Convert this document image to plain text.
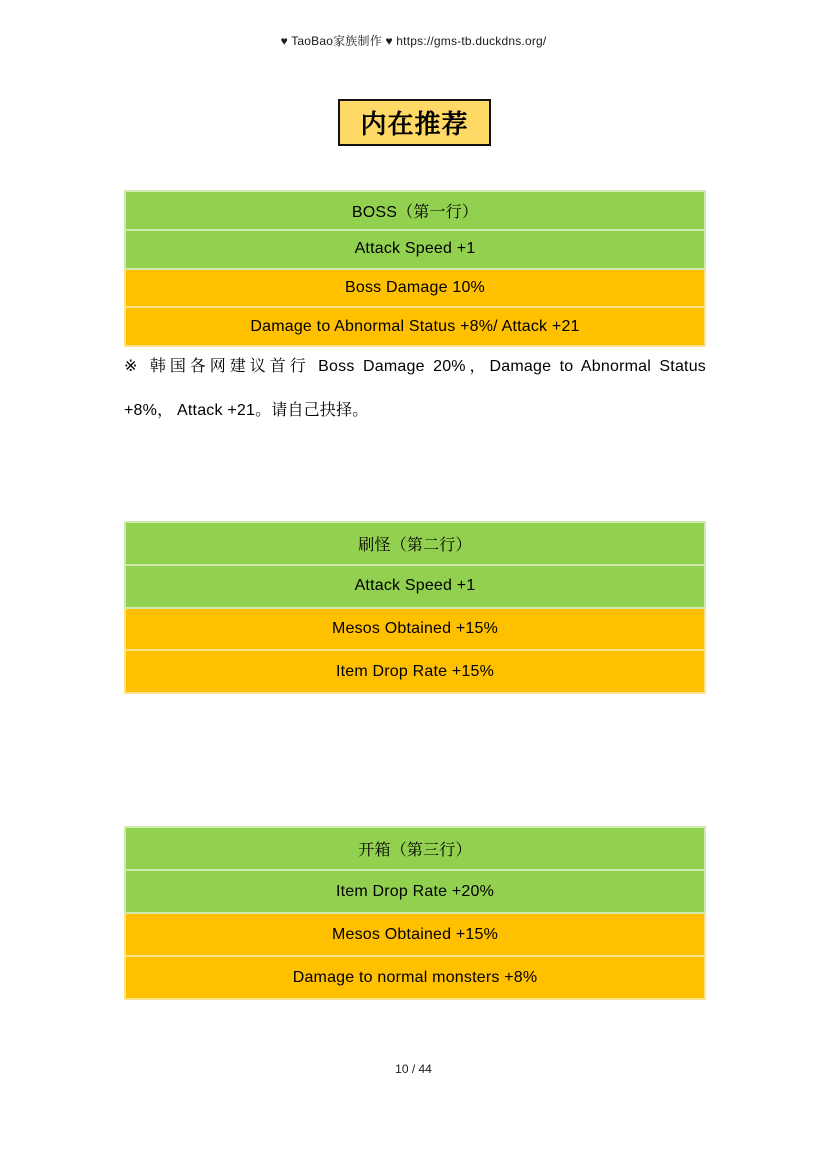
♥ TaoBao家族制作 ♥ https://gms-tb.duckdns.org/
内在推荐
BOSS（第一行）
Attack Speed +1
Boss Damage 10%
Damage to Abnormal Status +8%/ Attack +21
※ 韩国各网建议首行 Boss Damage 20%，Damage to Abnormal Status
+8%， Attack +21。请自己抉择。
刷怪（第二行）
Attack Speed +1
Mesos Obtained +15%
Item Drop Rate +15%
开箱（第三行）
Item Drop Rate +20%
Mesos Obtained +15%
Damage to normal monsters +8%
10 / 44
